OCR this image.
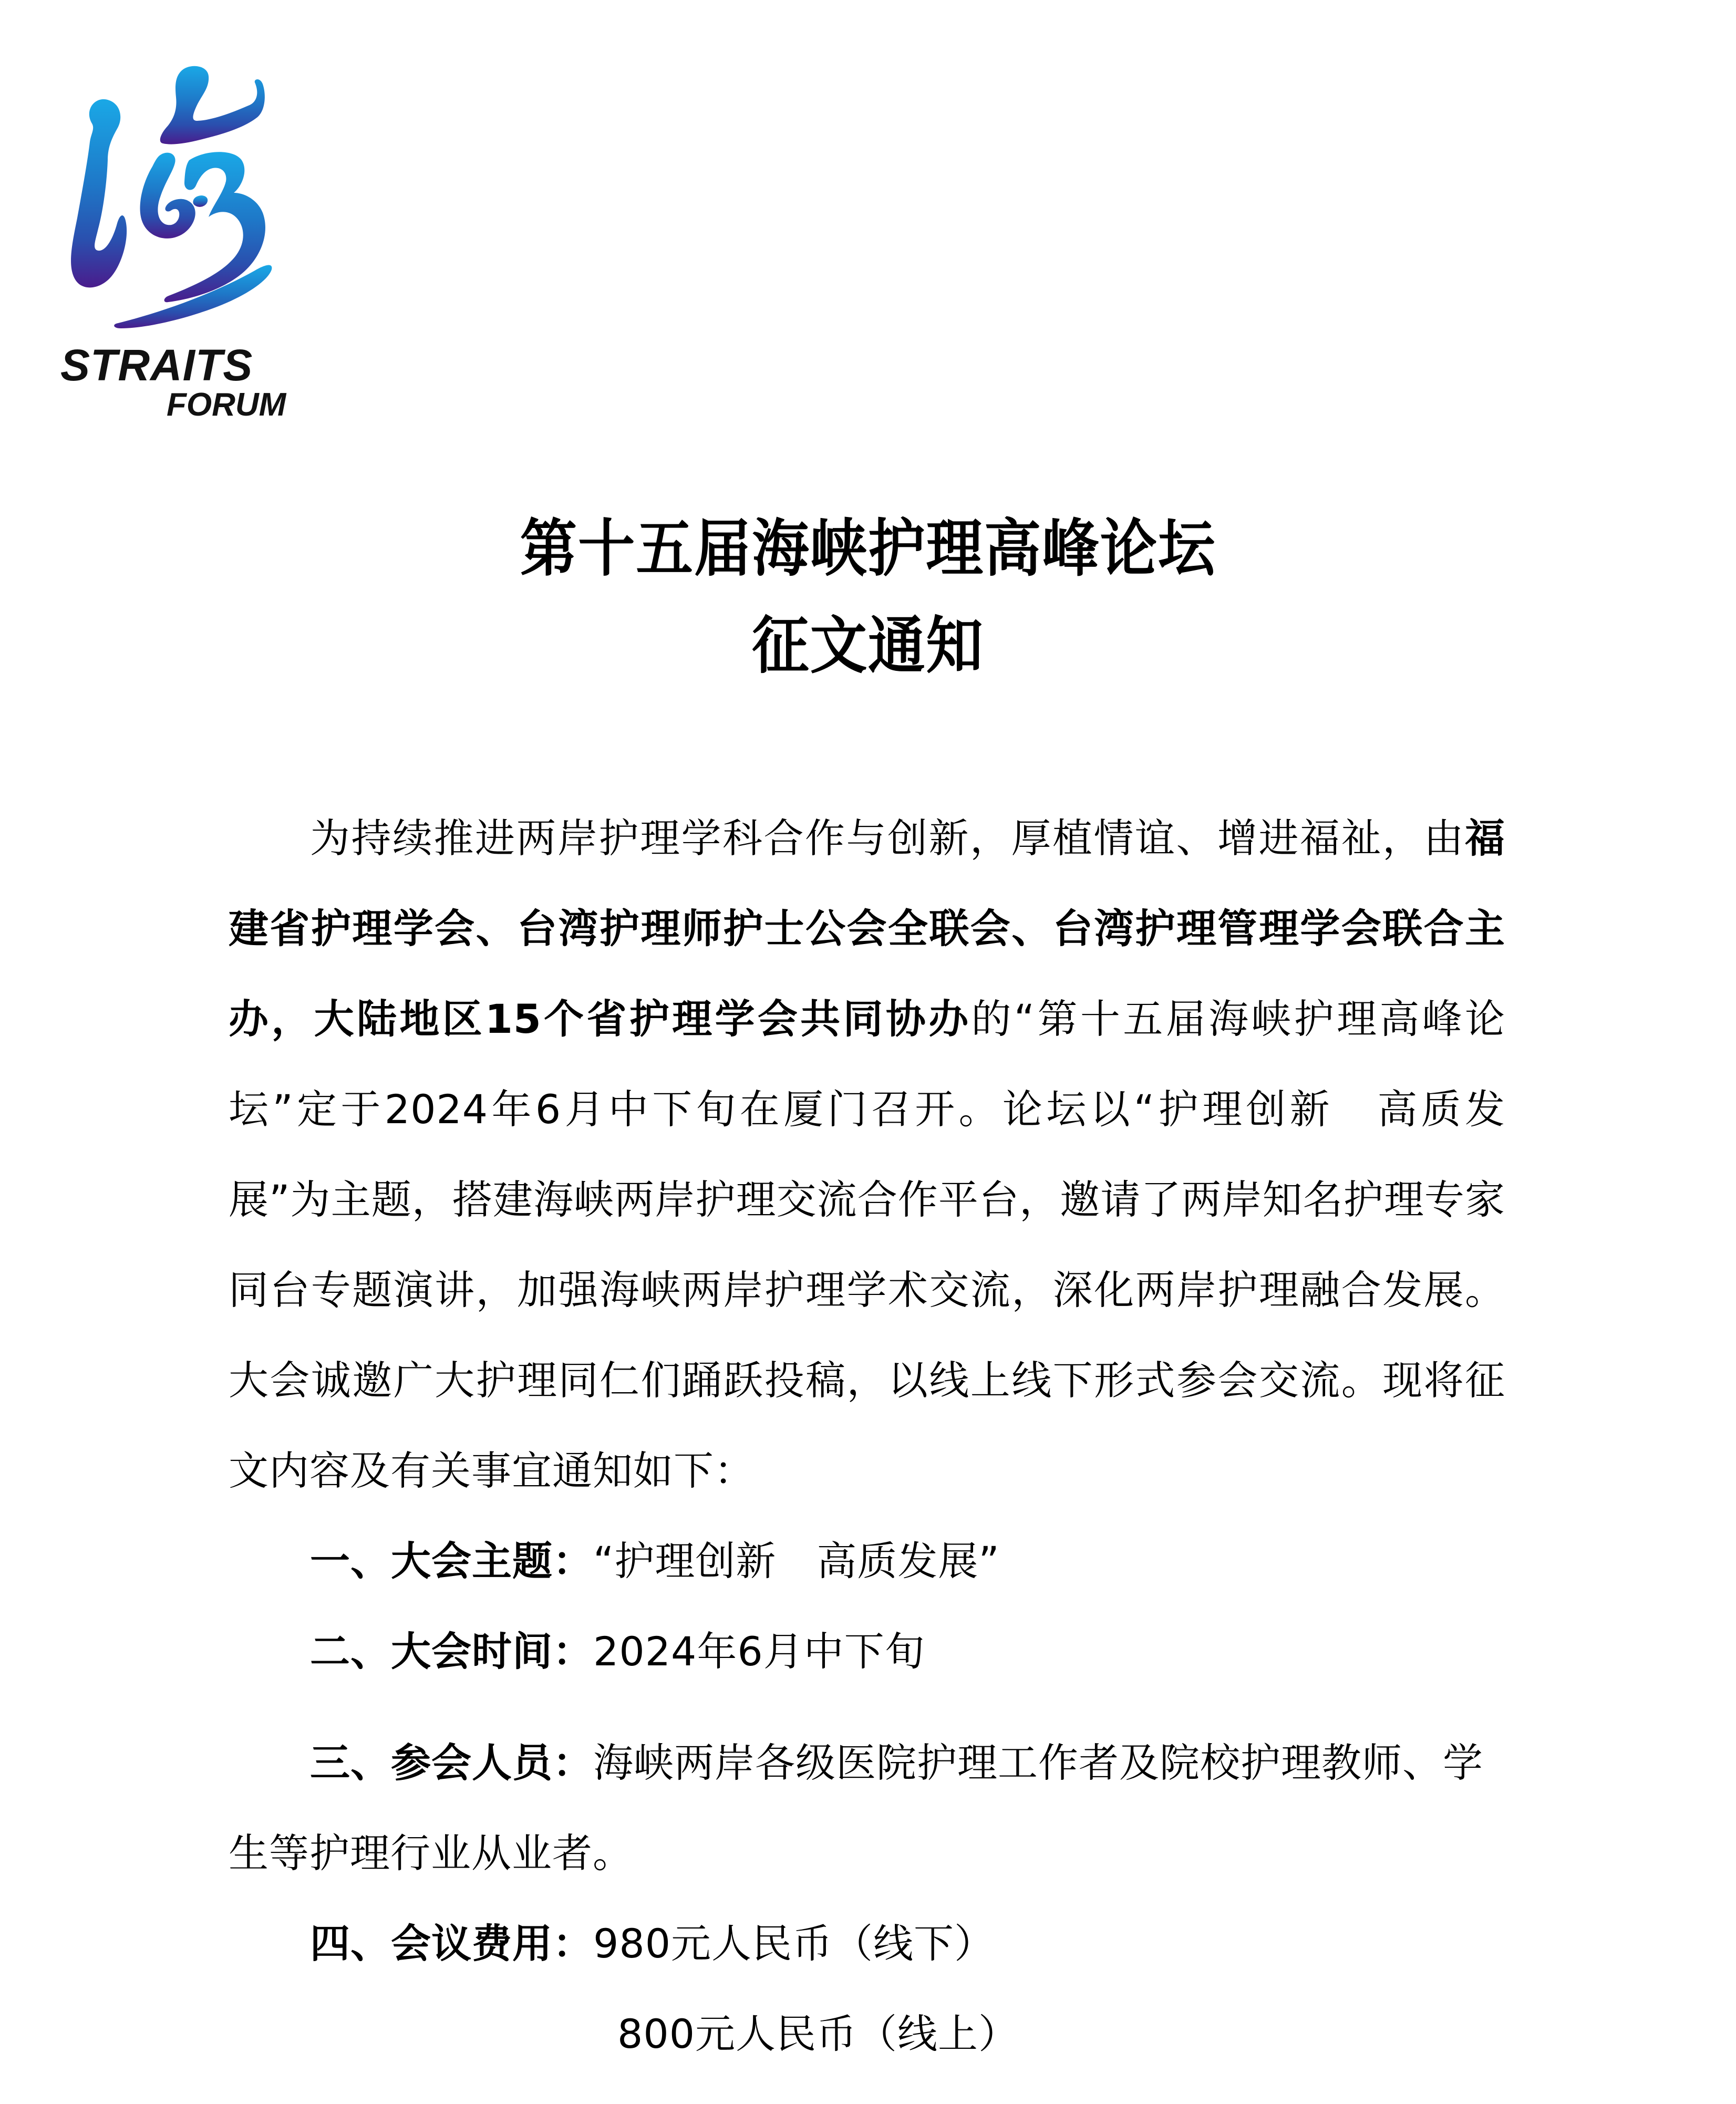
STRAITS
FORUM
第十五届海峡护理高峰论坛
征文通知

为持续推进两岸护理学科合作与创新，厚植情谊、增进福祉，由福建省护理学会、台湾护理师护士公会全联会、台湾护理管理学会联合主办，大陆地区15个省护理学会共同协办的“第十五届海峡护理高峰论坛”定于2024年6月中下旬在厦门召开。论坛以“护理创新　高质发展”为主题，搭建海峡两岸护理交流合作平台，邀请了两岸知名护理专家同台专题演讲，加强海峡两岸护理学术交流，深化两岸护理融合发展。大会诚邀广大护理同仁们踊跃投稿，以线上线下形式参会交流。现将征文内容及有关事宜通知如下：

一、大会主题：“护理创新　高质发展”

二、大会时间：2024年6月中下旬

三、参会人员：海峡两岸各级医院护理工作者及院校护理教师、学生等护理行业从业者。

四、会议费用：980元人民币（线下）

800元人民币（线上）
